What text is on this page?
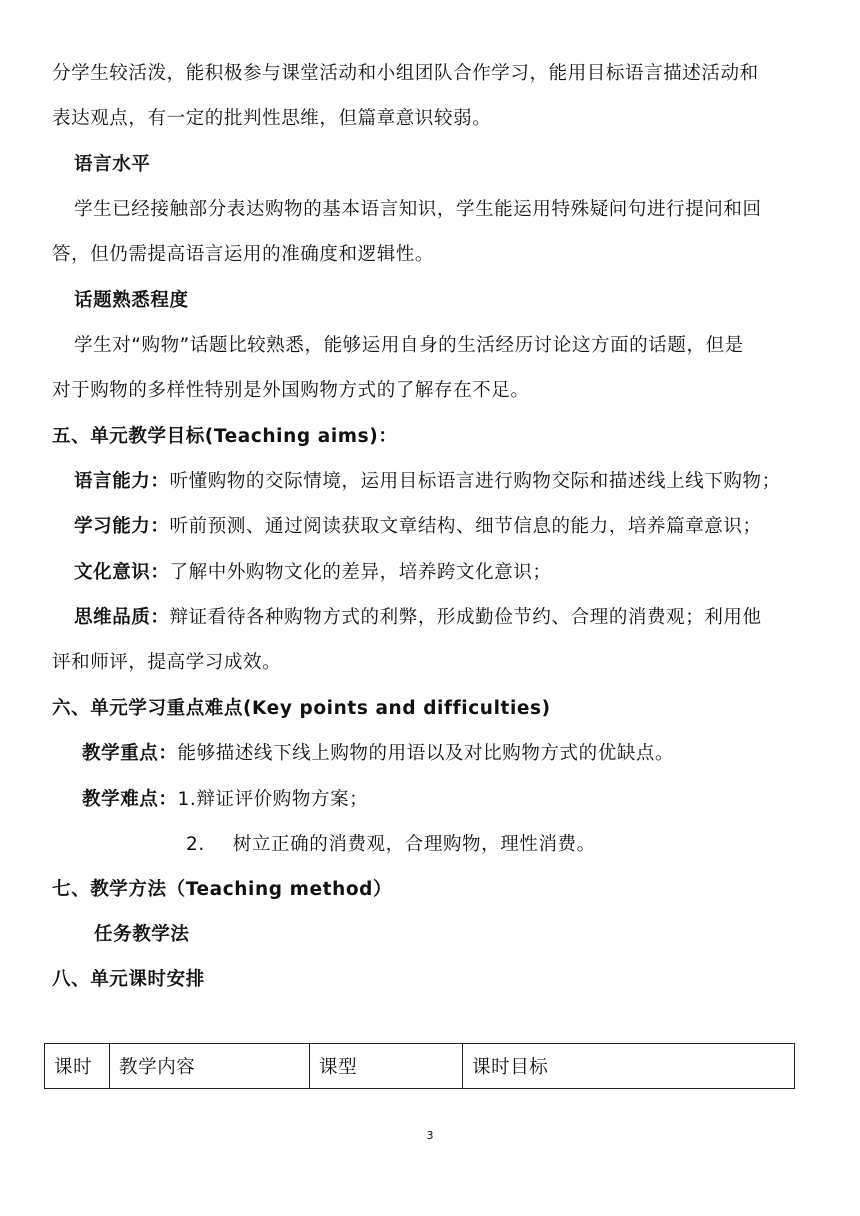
分学生较活泼，能积极参与课堂活动和小组团队合作学习，能用目标语言描述活动和
表达观点，有一定的批判性思维，但篇章意识较弱。
语言水平
学生已经接触部分表达购物的基本语言知识，学生能运用特殊疑问句进行提问和回
答，但仍需提高语言运用的准确度和逻辑性。
话题熟悉程度
学生对“购物”话题比较熟悉，能够运用自身的生活经历讨论这方面的话题，但是
对于购物的多样性特别是外国购物方式的了解存在不足。
五、单元教学目标(Teaching aims)：
语言能力：听懂购物的交际情境，运用目标语言进行购物交际和描述线上线下购物；
学习能力：听前预测、通过阅读获取文章结构、细节信息的能力，培养篇章意识；
文化意识：了解中外购物文化的差异，培养跨文化意识；
思维品质：辩证看待各种购物方式的利弊，形成勤俭节约、合理的消费观；利用他
评和师评，提高学习成效。
六、单元学习重点难点(Key points and difficulties)
教学重点：能够描述线下线上购物的用语以及对比购物方式的优缺点。
教学难点：1.辩证评价购物方案；
2. 树立正确的消费观，合理购物，理性消费。
七、教学方法（Teaching method）
任务教学法
八、单元课时安排
课时	教学内容	课型	课时目标
3
